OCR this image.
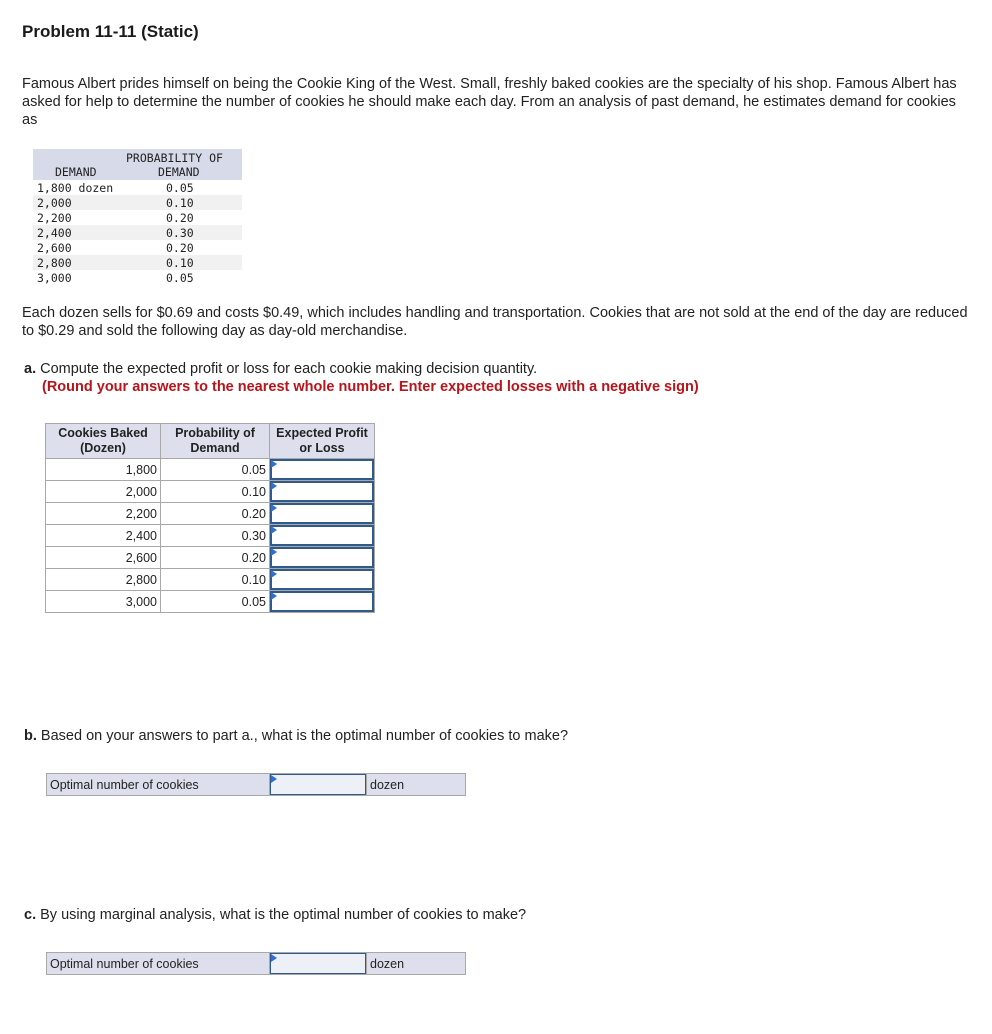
Problem 11-11 (Static)
Famous Albert prides himself on being the Cookie King of the West. Small, freshly baked cookies are the specialty of his shop. Famous Albert has asked for help to determine the number of cookies he should make each day. From an analysis of past demand, he estimates demand for cookies as
PROBABILITY OF
DEMAND	DEMAND
1,800 dozen	0.05
2,000	0.10
2,200	0.20
2,400	0.30
2,600	0.20
2,800	0.10
3,000	0.05
Each dozen sells for $0.69 and costs $0.49, which includes handling and transportation. Cookies that are not sold at the end of the day are reduced to $0.29 and sold the following day as day-old merchandise.
a. Compute the expected profit or loss for each cookie making decision quantity.
(Round your answers to the nearest whole number. Enter expected losses with a negative sign)
Cookies Baked (Dozen)	Probability of Demand	Expected Profit or Loss
1,800	0.05	

2,000	0.10	

2,200	0.20	

2,400	0.30	

2,600	0.20	

2,800	0.10	

3,000	0.05	
b. Based on your answers to part a., what is the optimal number of cookies to make?
Optimal number of cookies		dozen
c. By using marginal analysis, what is the optimal number of cookies to make?
Optimal number of cookies		dozen
